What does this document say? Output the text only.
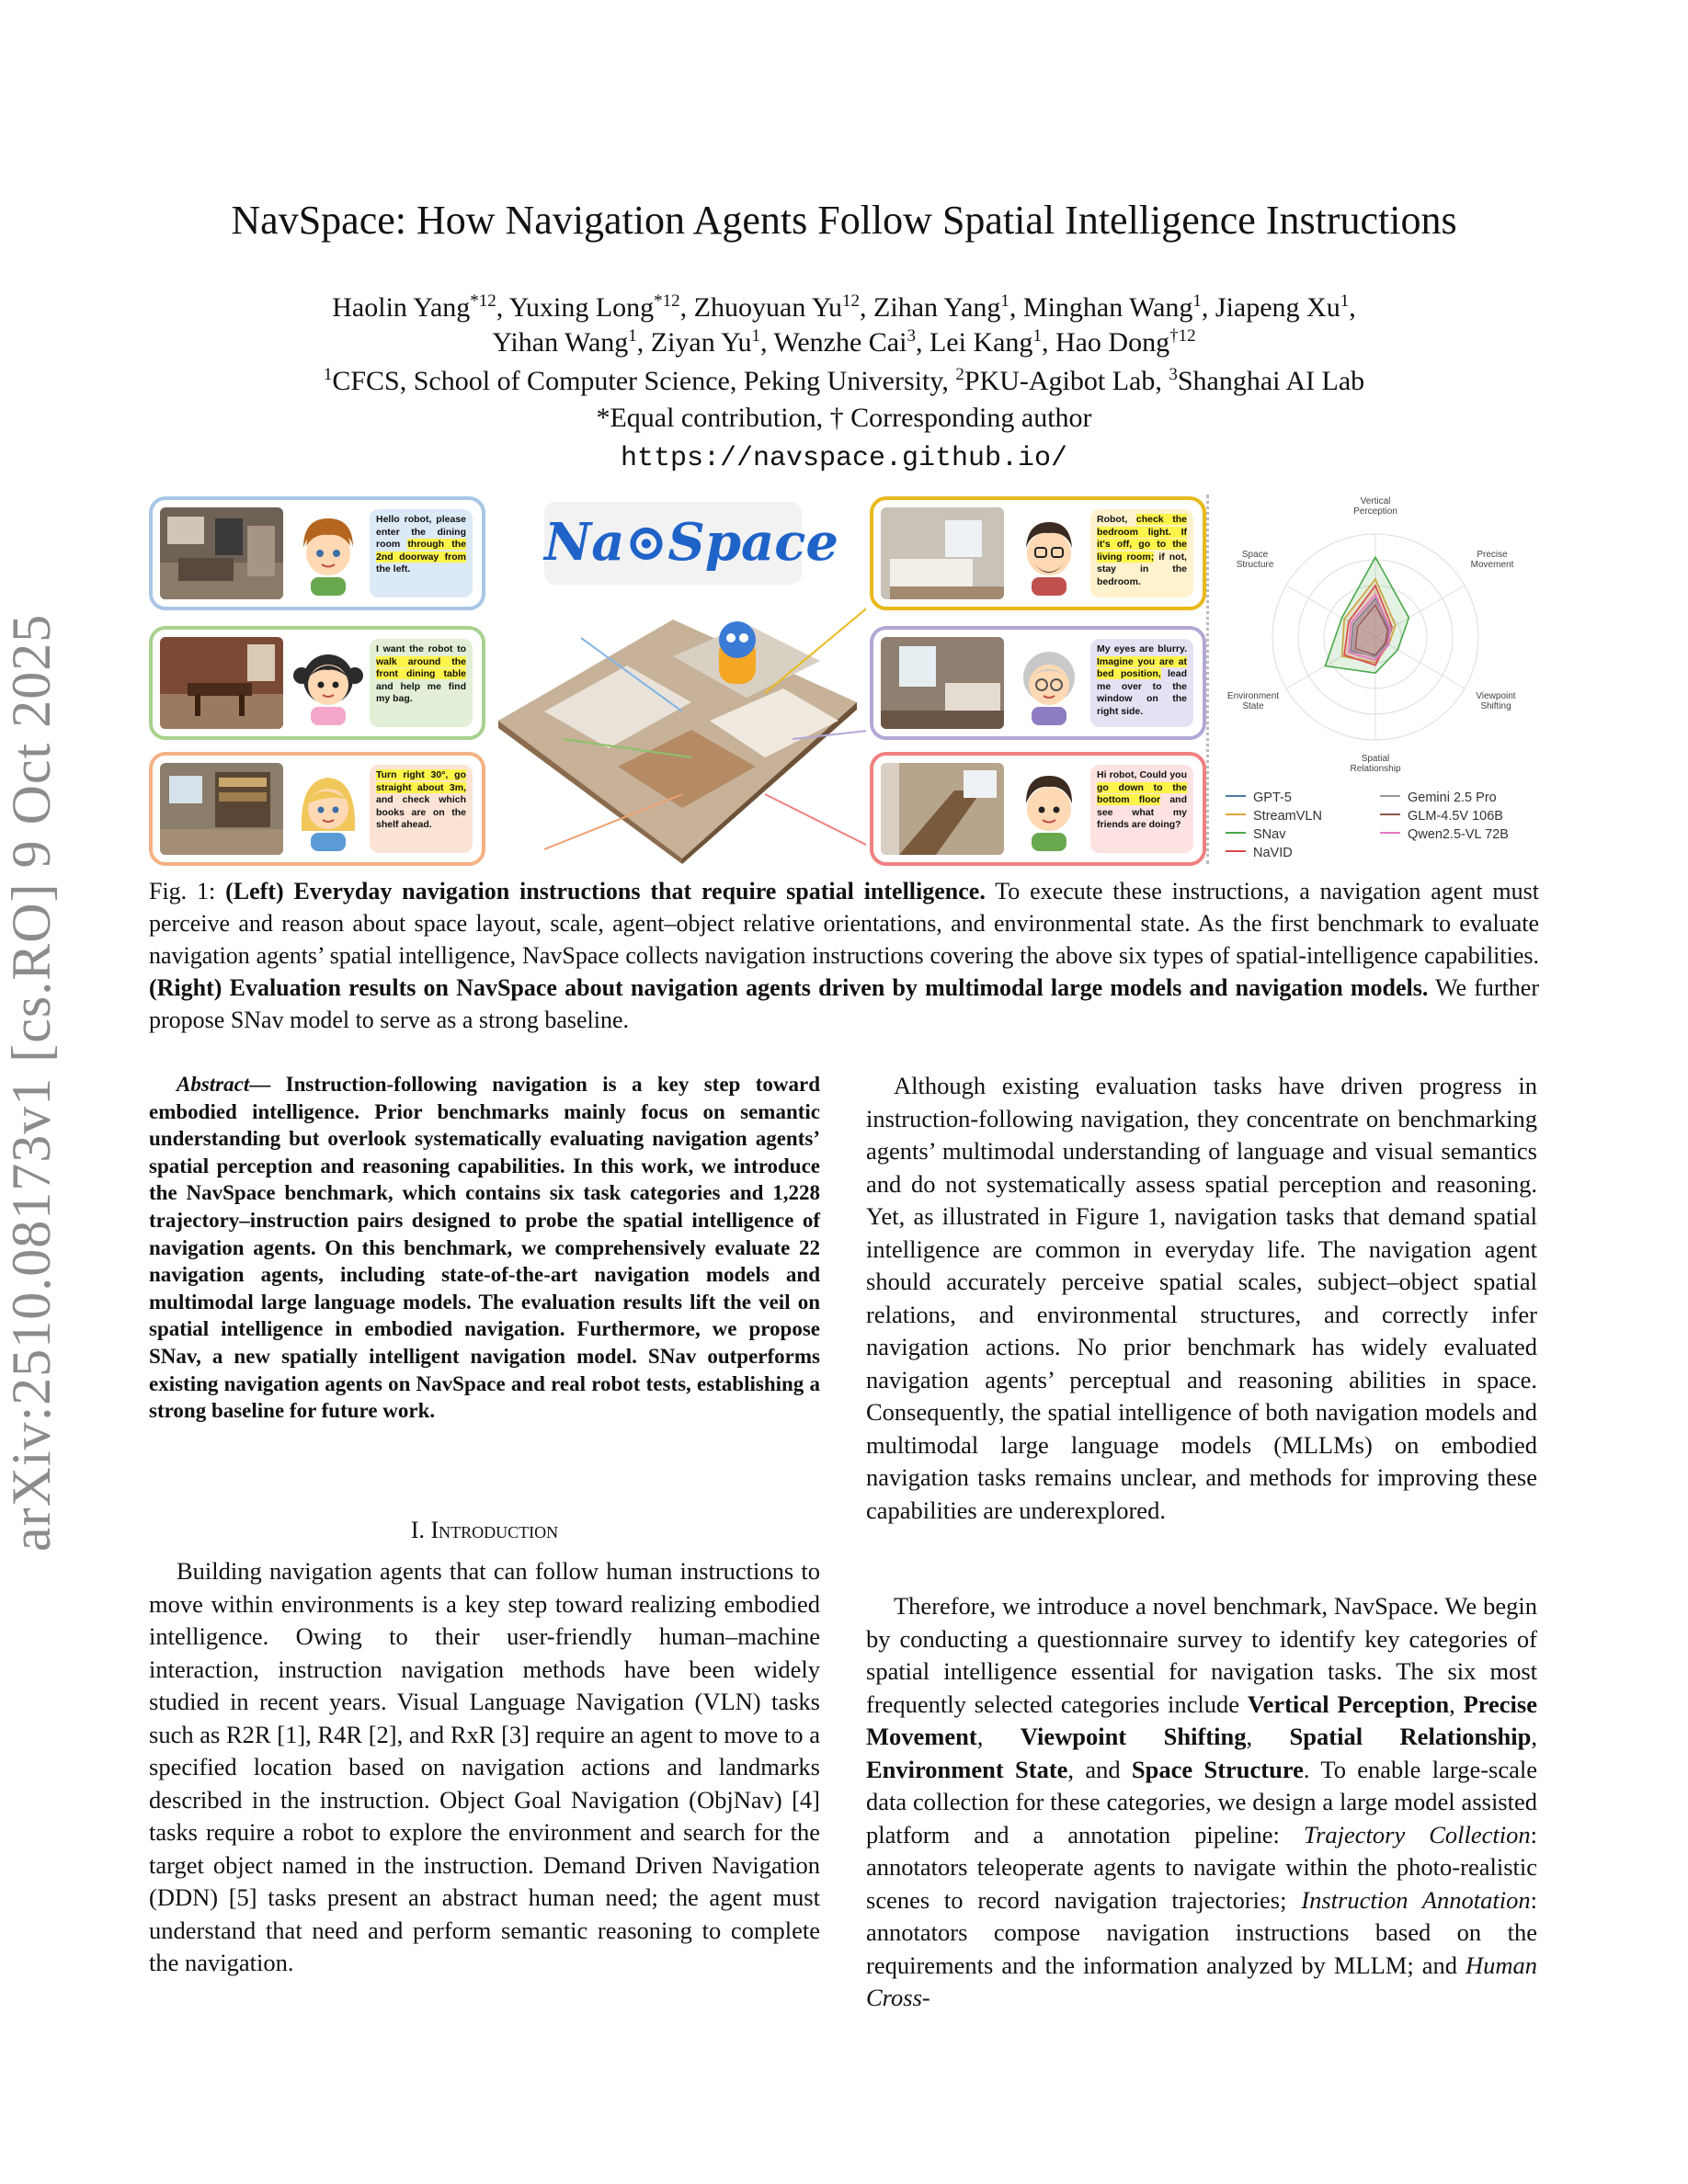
arXiv:2510.08173v1 [cs.RO] 9 Oct 2025
NavSpace: How Navigation Agents Follow Spatial Intelligence Instructions
Haolin Yang$^{*12}$, Yuxing Long$^{*12}$, Zhuoyuan Yu$^{12}$, Zihan Yang$^1$, Minghan Wang$^1$, Jiapeng Xu$^1$,
Yihan Wang$^1$, Ziyan Yu$^1$, Wenzhe Cai$^3$, Lei Kang$^1$, Hao Dong$^{\dagger 12}$
$^1$CFCS, School of Computer Science, Peking University, $^2$PKU-Agibot Lab, $^3$Shanghai AI Lab
*Equal contribution, † Corresponding author
https://navspace.github.io/
Hello robot, please enter the dining room through the 2nd doorway from the left.
I want the robot to walk around the front dining table and help me find my bag.
Turn right 30°, go straight about 3m, and check which books are on the shelf ahead.
Na⊙Space	Robot, check the bedroom light. If it's off, go to the living room; if not, stay in the bedroom.
My eyes are blurry. Imagine you are at bed position, lead me over to the window on the right side.
Hi robot, Could you go down to the bottom floor and see what my friends are doing?
Vertical Perception
Precise Movement
Viewpoint Shifting
Spatial Relationship
Environment State
Space Structure
GPT-5
StreamVLN
SNav
NaVID
Gemini 2.5 Pro
GLM-4.5V 106B
Qwen2.5-VL 72B
Fig. 1: (Left) Everyday navigation instructions that require spatial intelligence. To execute these instructions, a navigation agent must perceive and reason about space layout, scale, agent–object relative orientations, and environmental state. As the first benchmark to evaluate navigation agents’ spatial intelligence, NavSpace collects navigation instructions covering the above six types of spatial-intelligence capabilities. (Right) Evaluation results on NavSpace about navigation agents driven by multimodal large models and navigation models. We further propose SNav model to serve as a strong baseline.
Abstract— Instruction-following navigation is a key step toward embodied intelligence. Prior benchmarks mainly focus on semantic understanding but overlook systematically evaluating navigation agents’ spatial perception and reasoning capabilities. In this work, we introduce the NavSpace benchmark, which contains six task categories and 1,228 trajectory–instruction pairs designed to probe the spatial intelligence of navigation agents. On this benchmark, we comprehensively evaluate 22 navigation agents, including state-of-the-art navigation models and multimodal large language models. The evaluation results lift the veil on spatial intelligence in embodied navigation. Furthermore, we propose SNav, a new spatially intelligent navigation model. SNav outperforms existing navigation agents on NavSpace and real robot tests, establishing a strong baseline for future work.
I. Introduction

Building navigation agents that can follow human instructions to move within environments is a key step toward realizing embodied intelligence. Owing to their user-friendly human–machine interaction, instruction navigation methods have been widely studied in recent years. Visual Language Navigation (VLN) tasks such as R2R [1], R4R [2], and RxR [3] require an agent to move to a specified location based on navigation actions and landmarks described in the instruction. Object Goal Navigation (ObjNav) [4] tasks require a robot to explore the environment and search for the target object named in the instruction. Demand Driven Navigation (DDN) [5] tasks present an abstract human need; the agent must understand that need and perform semantic reasoning to complete the navigation.

Although existing evaluation tasks have driven progress in instruction-following navigation, they concentrate on benchmarking agents’ multimodal understanding of language and visual semantics and do not systematically assess spatial perception and reasoning. Yet, as illustrated in Figure 1, navigation tasks that demand spatial intelligence are common in everyday life. The navigation agent should accurately perceive spatial scales, subject–object spatial relations, and environmental structures, and correctly infer navigation actions. No prior benchmark has widely evaluated navigation agents’ perceptual and reasoning abilities in space. Consequently, the spatial intelligence of both navigation models and multimodal large language models (MLLMs) on embodied navigation tasks remains unclear, and methods for improving these capabilities are underexplored.

Therefore, we introduce a novel benchmark, NavSpace. We begin by conducting a questionnaire survey to identify key categories of spatial intelligence essential for navigation tasks. The six most frequently selected categories include Vertical Perception, Precise Movement, Viewpoint Shifting, Spatial Relationship, Environment State, and Space Structure. To enable large-scale data collection for these categories, we design a large model assisted platform and a annotation pipeline: Trajectory Collection: annotators teleoperate agents to navigate within the photo-realistic scenes to record navigation trajectories; Instruction Annotation: annotators compose navigation instructions based on the requirements and the information analyzed by MLLM; and Human Cross-
